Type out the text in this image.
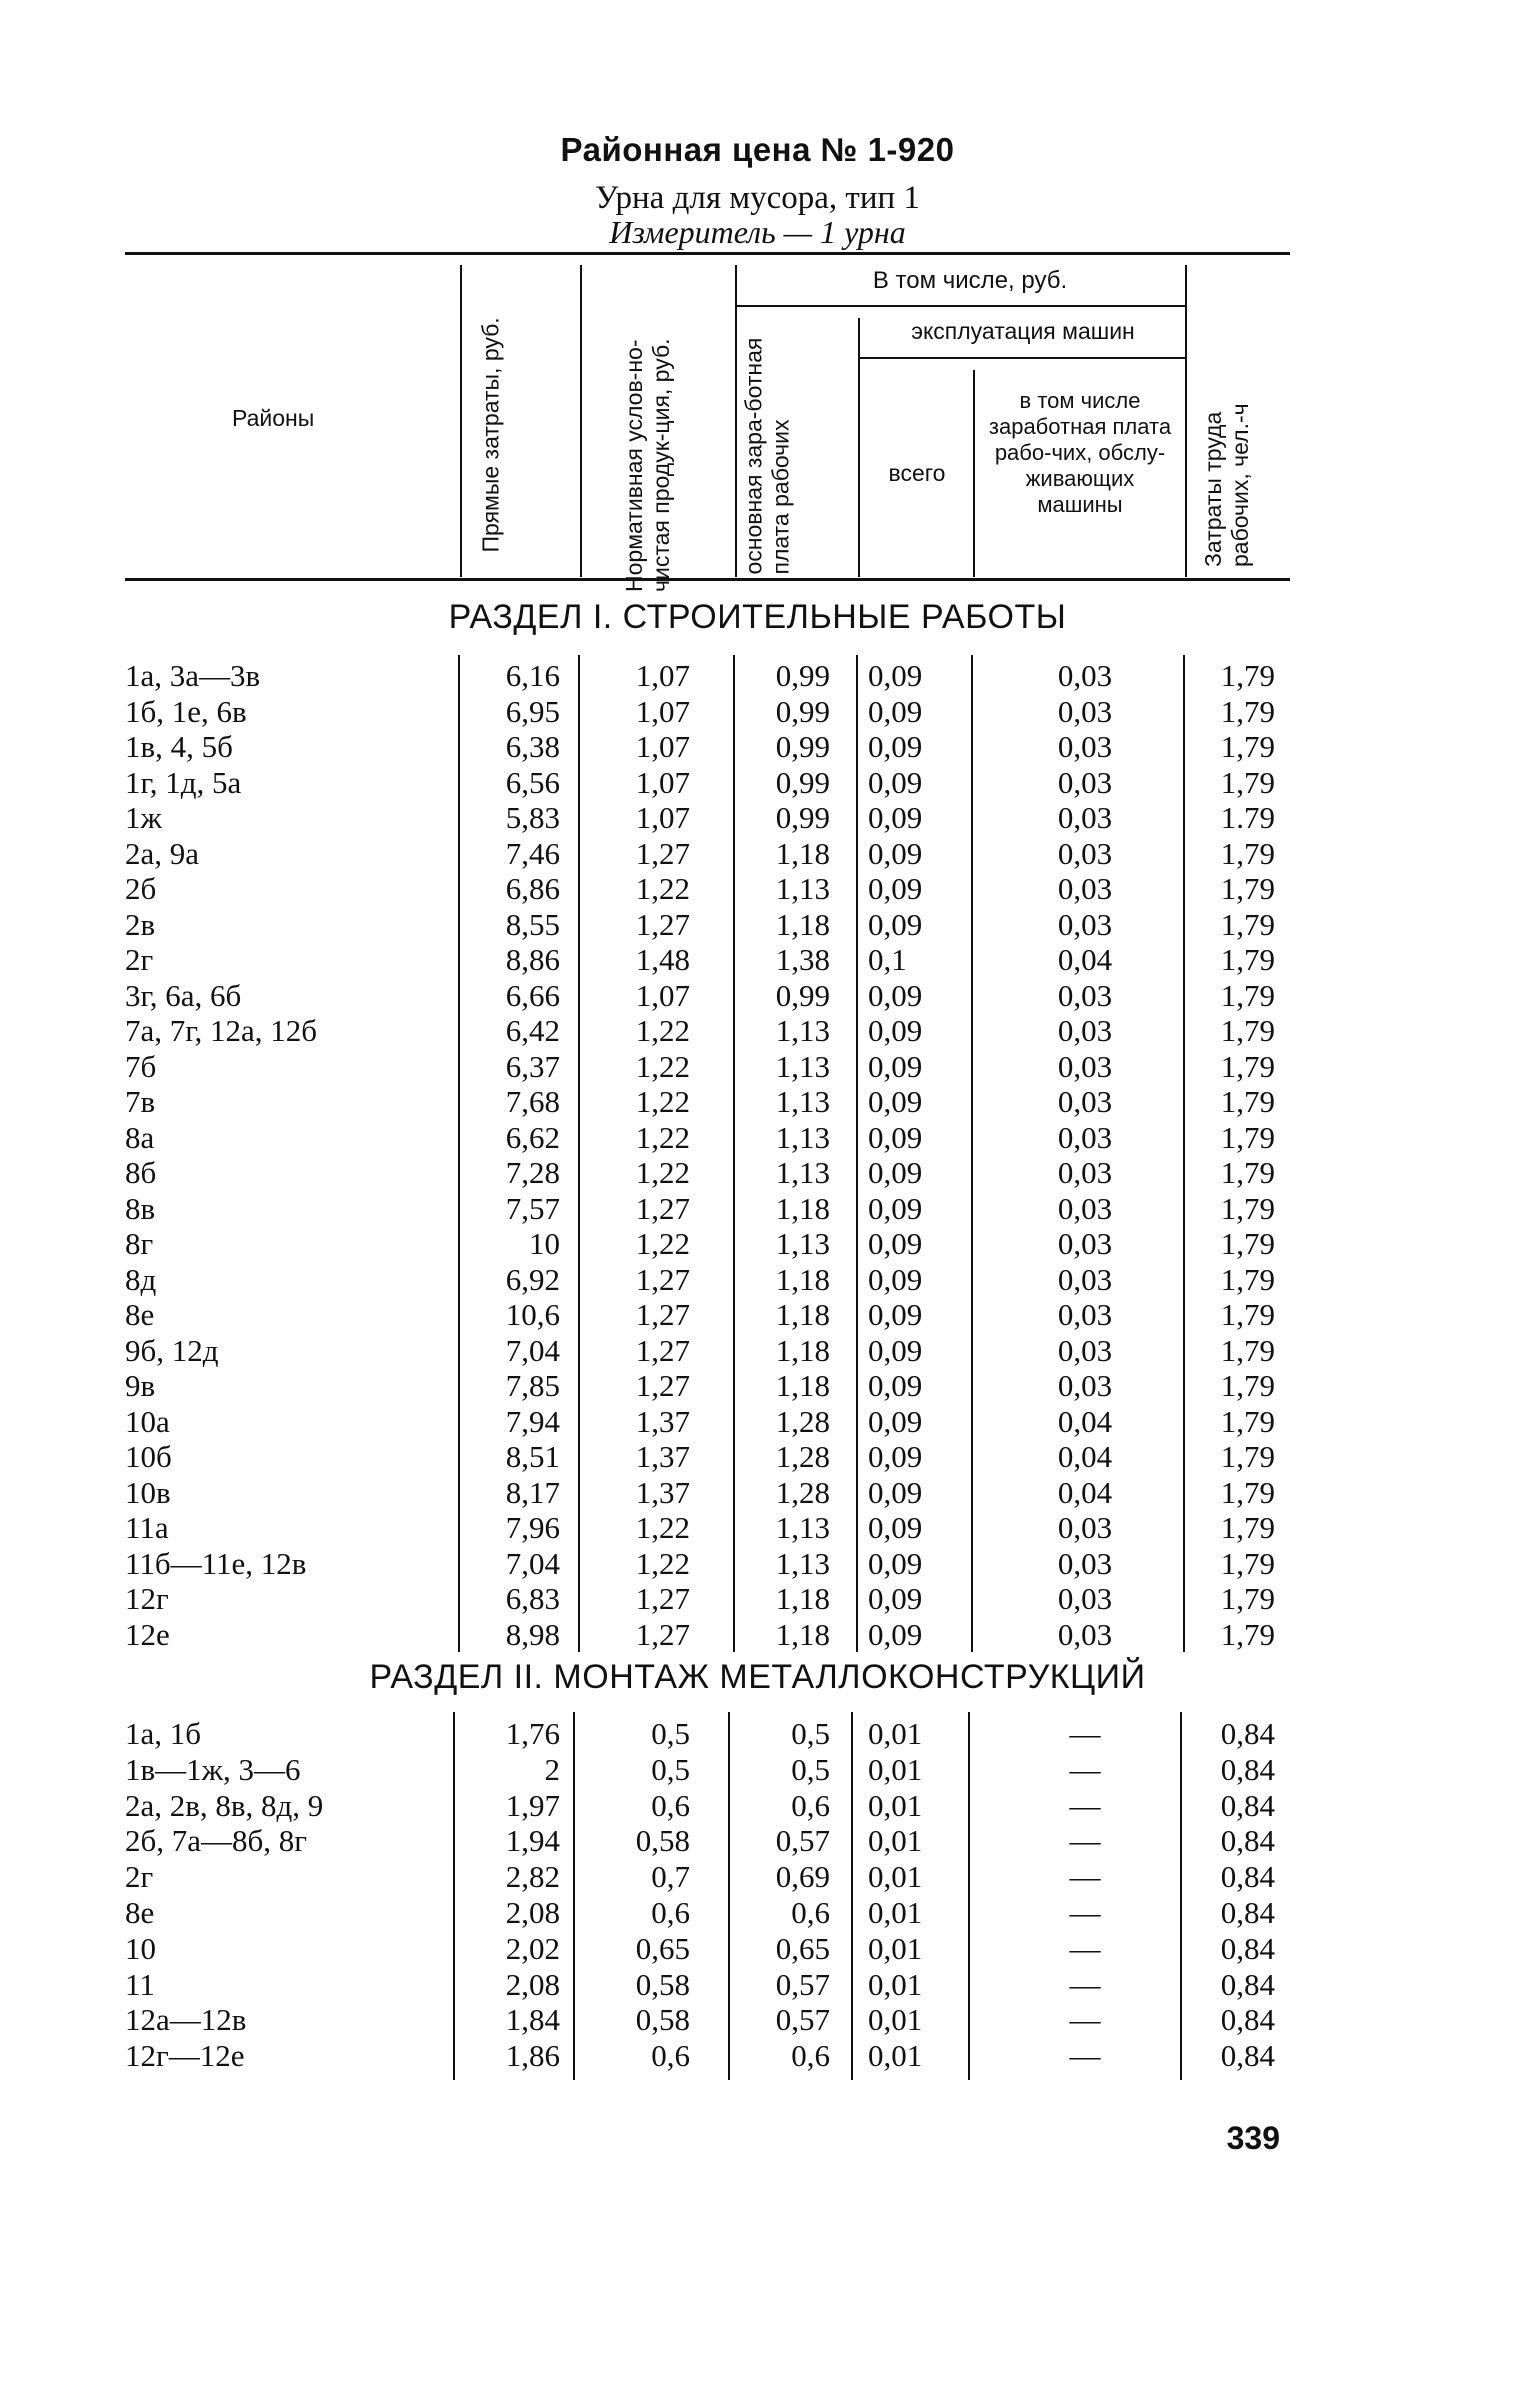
Районная цена № 1-920
Урна для мусора, тип 1
Измеритель — 1 урна
Районы	Прямые затраты, руб.	Нормативная услов-но-чистая продук-ция, руб.
В том числе, руб.
основная зара-ботная плата рабочих
эксплуатация машин
всего
в том числе заработная плата рабо-чих, обслу-живающих машины	Затраты труда рабочих, чел.-ч
РАЗДЕЛ I. СТРОИТЕЛЬНЫЕ РАБОТЫ
1а, 3а—3в	6,16	1,07	0,99 0,09	0,03	1,79
1б, 1е, 6в	6,95	1,07	0,99 0,09	0,03	1,79
1в, 4, 5б	6,38	1,07	0,99 0,09	0,03	1,79
1г, 1д, 5а	6,56	1,07	0,99 0,09	0,03	1,79
1ж	5,83	1,07	0,99 0,09	0,03	1.79
2а, 9а	7,46	1,27	1,18 0,09	0,03	1,79
2б	6,86	1,22	1,13 0,09	0,03	1,79
2в	8,55	1,27	1,18 0,09	0,03	1,79
2г	8,86	1,48	1,38 0,1	0,04	1,79
3г, 6а, 6б	6,66	1,07	0,99 0,09	0,03	1,79
7а, 7г, 12а, 12б	6,42	1,22	1,13 0,09	0,03	1,79
7б	6,37	1,22	1,13 0,09	0,03	1,79
7в	7,68	1,22	1,13 0,09	0,03	1,79
8а	6,62	1,22	1,13 0,09	0,03	1,79
8б	7,28	1,22	1,13 0,09	0,03	1,79
8в	7,57	1,27	1,18 0,09	0,03	1,79
8г	10	1,22	1,13 0,09	0,03	1,79
8д	6,92	1,27	1,18 0,09	0,03	1,79
8е	10,6	1,27	1,18 0,09	0,03	1,79
9б, 12д	7,04	1,27	1,18 0,09	0,03	1,79
9в	7,85	1,27	1,18 0,09	0,03	1,79
10а	7,94	1,37	1,28 0,09	0,04	1,79
10б	8,51	1,37	1,28 0,09	0,04	1,79
10в	8,17	1,37	1,28 0,09	0,04	1,79
11а	7,96	1,22	1,13 0,09	0,03	1,79
11б—11е, 12в	7,04	1,22	1,13 0,09	0,03	1,79
12г	6,83	1,27	1,18 0,09	0,03	1,79
12е	8,98	1,27	1,18 0,09	0,03	1,79
РАЗДЕЛ II. МОНТАЖ МЕТАЛЛОКОНСТРУКЦИЙ
1а, 1б	1,76	0,5	0,5 0,01	—	0,84
1в—1ж, 3—6	2	0,5	0,5 0,01	—	0,84
2а, 2в, 8в, 8д, 9	1,97	0,6	0,6 0,01	—	0,84
2б, 7а—8б, 8г	1,94	0,58	0,57 0,01	—	0,84
2г	2,82	0,7	0,69 0,01	—	0,84
8е	2,08	0,6	0,6 0,01	—	0,84
10	2,02	0,65	0,65 0,01	—	0,84
11	2,08	0,58	0,57 0,01	—	0,84
12а—12в	1,84	0,58	0,57 0,01	—	0,84
12г—12е	1,86	0,6	0,6 0,01	—	0,84
339
